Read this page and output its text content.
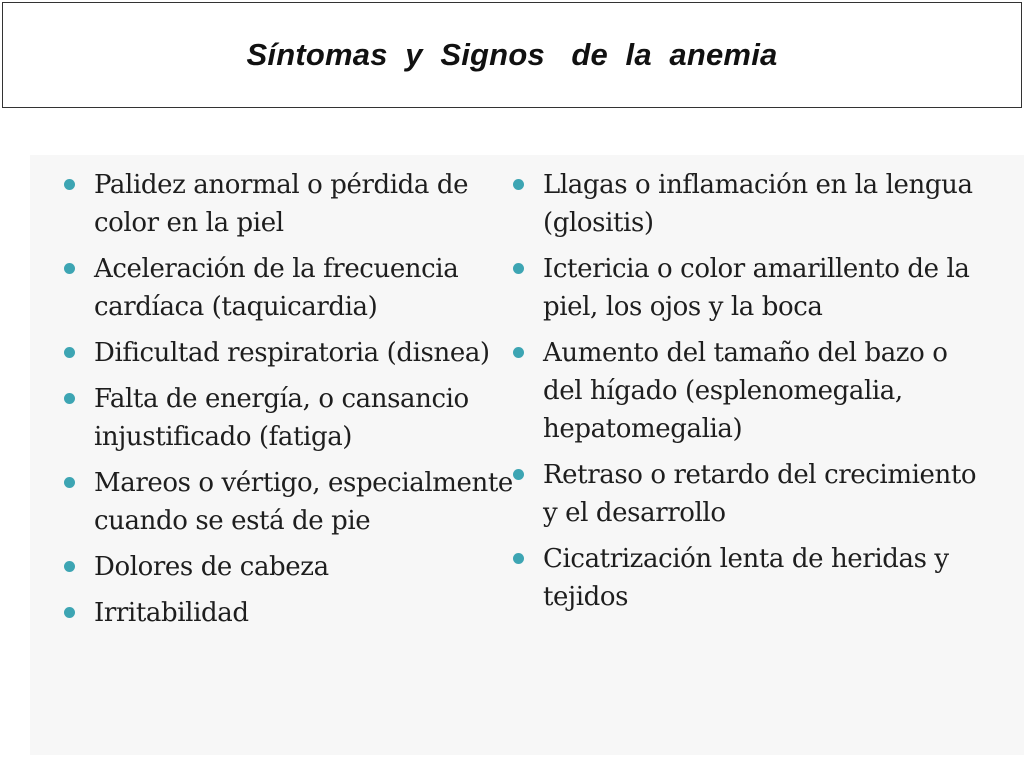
Síntomas  y  Signos   de  la  anemia
Palidez anormal o pérdida de color en la piel
Aceleración de la frecuencia cardíaca (taquicardia)
Dificultad respiratoria (disnea)
Falta de energía, o cansancio injustificado (fatiga)
Mareos o vértigo, especialmente cuando se está de pie
Dolores de cabeza
Irritabilidad
Llagas o inflamación en la lengua (glositis)
Ictericia o color amarillento de la piel, los ojos y la boca
Aumento del tamaño del bazo o del hígado (esplenomegalia, hepatomegalia)
Retraso o retardo del crecimiento y el desarrollo
Cicatrización lenta de heridas y tejidos
